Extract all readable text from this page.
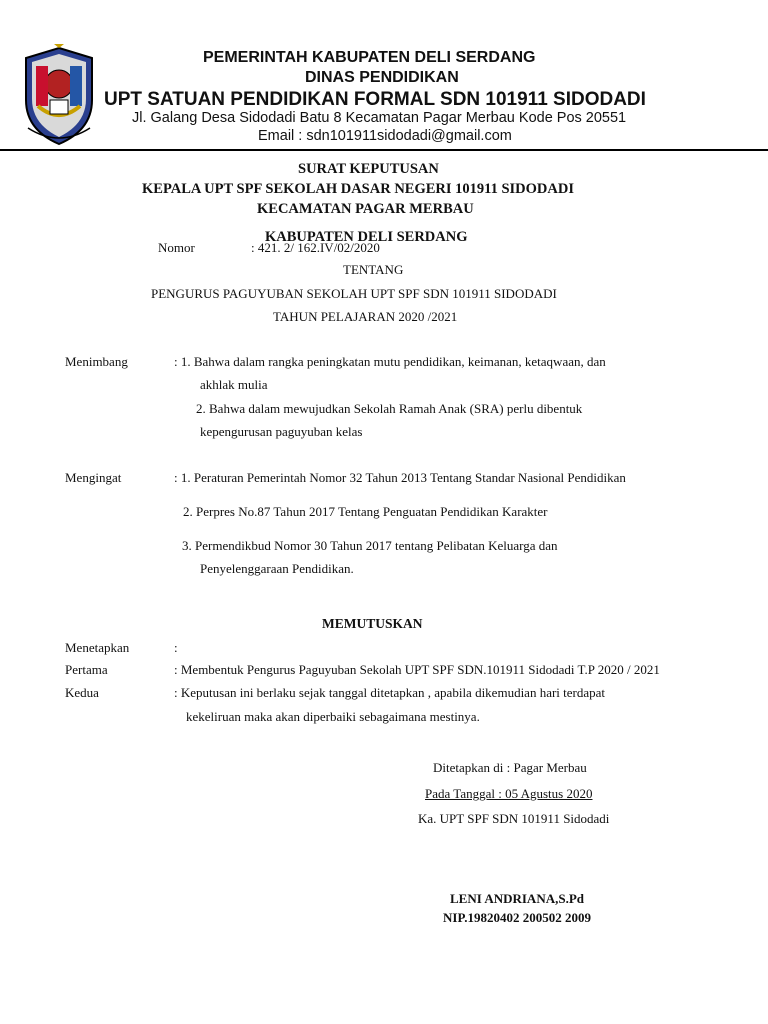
PEMERINTAH KABUPATEN DELI SERDANG
DINAS PENDIDIKAN
UPT SATUAN PENDIDIKAN FORMAL SDN 101911 SIDODADI
Jl. Galang Desa Sidodadi Batu 8 Kecamatan Pagar Merbau Kode Pos 20551
Email : sdn101911sidodadi@gmail.com
SURAT KEPUTUSAN
KEPALA UPT SPF SEKOLAH DASAR NEGERI 101911 SIDODADI
KECAMATAN PAGAR MERBAU
KABUPATEN DELI SERDANG
Nomor	: 421. 2/ 162.IV/02/2020
TENTANG
PENGURUS PAGUYUBAN SEKOLAH UPT SPF SDN 101911 SIDODADI
TAHUN PELAJARAN 2020 /2021
Menimbang	: 1. Bahwa dalam rangka peningkatan mutu pendidikan, keimanan, ketaqwaan, dan
akhlak mulia
2. Bahwa dalam mewujudkan Sekolah Ramah Anak (SRA) perlu dibentuk
kepengurusan paguyuban kelas
Mengingat	: 1. Peraturan Pemerintah Nomor 32 Tahun 2013 Tentang Standar Nasional Pendidikan
2. Perpres No.87 Tahun 2017 Tentang Penguatan Pendidikan Karakter
3. Permendikbud Nomor 30 Tahun 2017 tentang Pelibatan Keluarga dan
Penyelenggaraan Pendidikan.
MEMUTUSKAN
Menetapkan	:
Pertama	: Membentuk Pengurus Paguyuban Sekolah UPT SPF SDN.101911 Sidodadi T.P 2020 / 2021
Kedua	: Keputusan ini berlaku sejak tanggal ditetapkan , apabila dikemudian hari terdapat
kekeliruan maka akan diperbaiki sebagaimana mestinya.
Ditetapkan di : Pagar Merbau
Pada Tanggal : 05 Agustus 2020
Ka. UPT SPF SDN 101911 Sidodadi
LENI ANDRIANA,S.Pd
NIP.19820402 200502 2009
